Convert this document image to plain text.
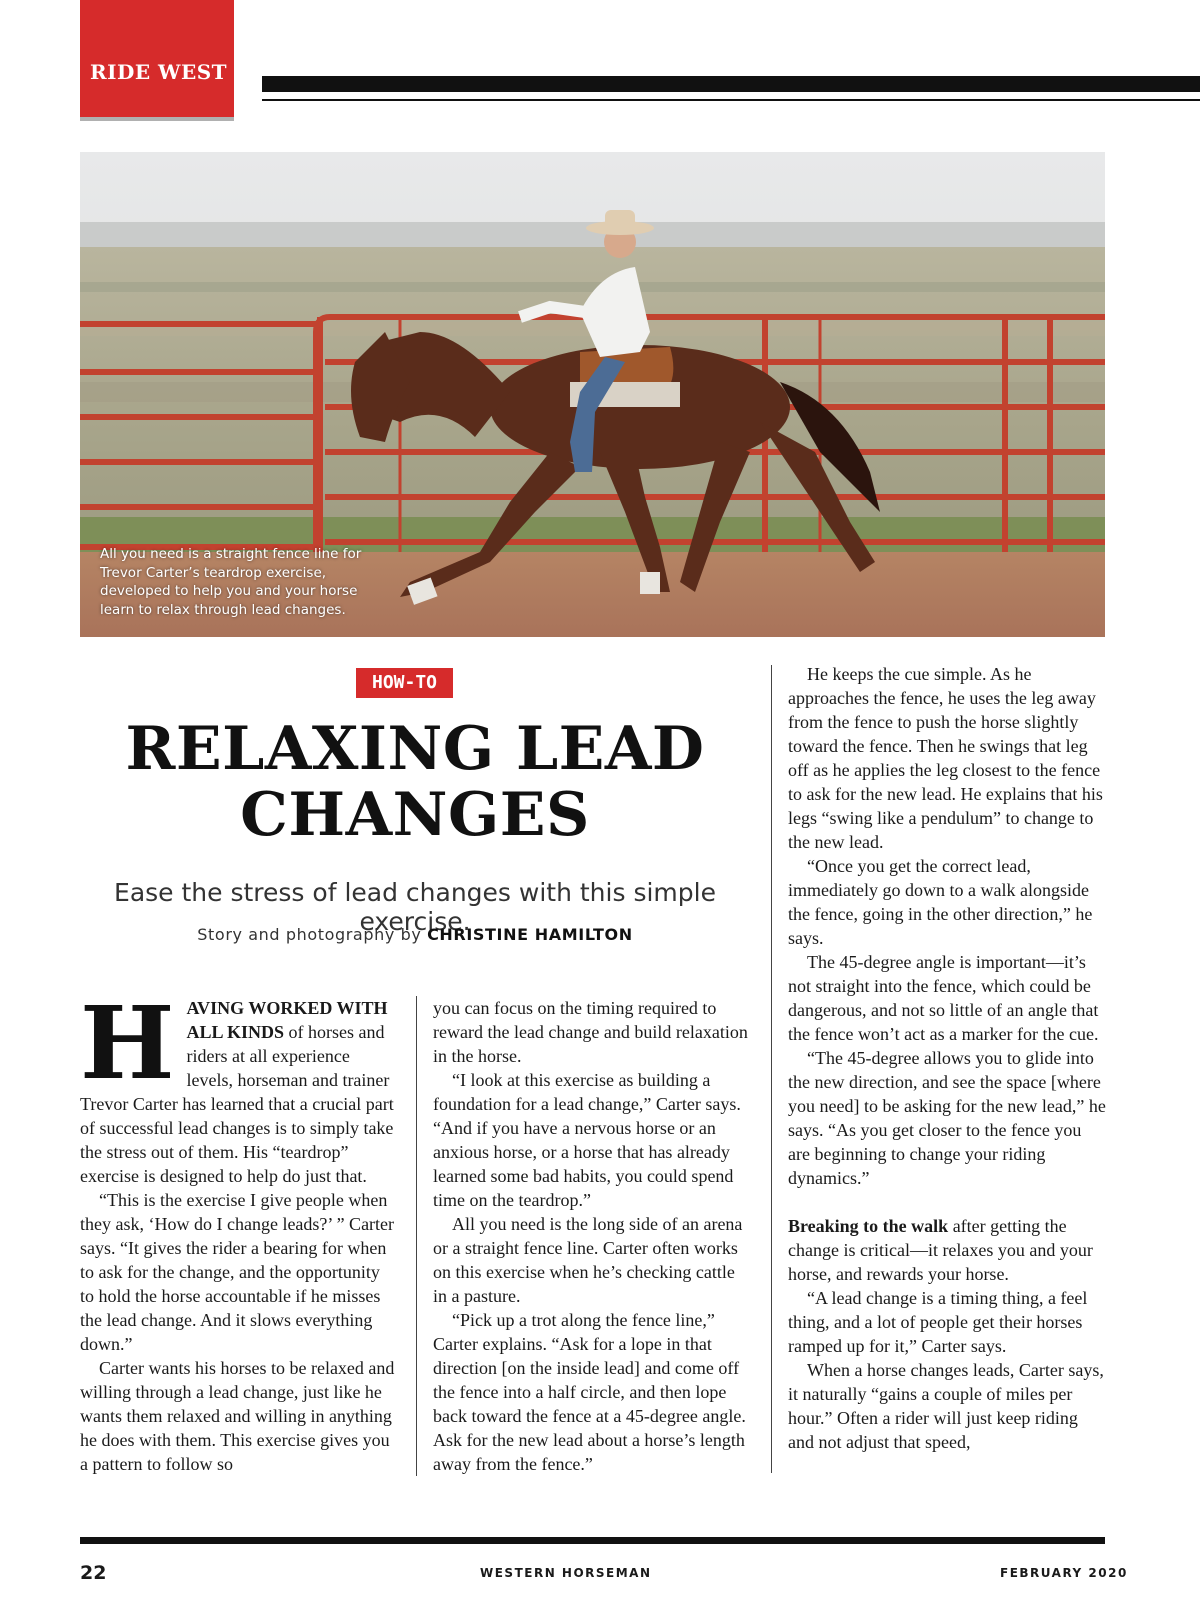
RIDE WEST
All you need is a straight fence line for Trevor Carter’s teardrop exercise, developed to help you and your horse learn to relax through lead changes.
HOW-TO
RELAXING LEAD
CHANGES
Ease the stress of lead changes with this simple exercise.
Story and photography by CHRISTINE HAMILTON

HAVING WORKED WITH ALL KINDS of horses and riders at all experience levels, horseman and trainer Trevor Carter has learned that a crucial part of successful lead changes is to simply take the stress out of them. His “teardrop” exercise is designed to help do just that.

“This is the exercise I give people when they ask, ‘How do I change leads?’ ” Carter says. “It gives the rider a bearing for when to ask for the change, and the opportunity to hold the horse accountable if he misses the lead change. And it slows everything down.”

Carter wants his horses to be relaxed and willing through a lead change, just like he wants them relaxed and willing in anything he does with them. This exercise gives you a pattern to follow so

you can focus on the timing required to reward the lead change and build relaxation in the horse.

“I look at this exercise as building a foundation for a lead change,” Carter says. “And if you have a nervous horse or an anxious horse, or a horse that has already learned some bad habits, you could spend time on the teardrop.”

All you need is the long side of an arena or a straight fence line. Carter often works on this exercise when he’s checking cattle in a pasture.

“Pick up a trot along the fence line,” Carter explains. “Ask for a lope in that direction [on the inside lead] and come off the fence into a half circle, and then lope back toward the fence at a 45-degree angle. Ask for the new lead about a horse’s length away from the fence.”

He keeps the cue simple. As he approaches the fence, he uses the leg away from the fence to push the horse slightly toward the fence. Then he swings that leg off as he applies the leg closest to the fence to ask for the new lead. He explains that his legs “swing like a pendulum” to change to the new lead.

“Once you get the correct lead, immediately go down to a walk alongside the fence, going in the other direction,” he says.

The 45-degree angle is important—it’s not straight into the fence, which could be dangerous, and not so little of an angle that the fence won’t act as a marker for the cue.

“The 45-degree allows you to glide into the new direction, and see the space [where you need] to be asking for the new lead,” he says. “As you get closer to the fence you are beginning to change your riding dynamics.”

Breaking to the walk after getting the change is critical—it relaxes you and your horse, and rewards your horse.

“A lead change is a timing thing, a feel thing, and a lot of people get their horses ramped up for it,” Carter says.

When a horse changes leads, Carter says, it naturally “gains a couple of miles per hour.” Often a rider will just keep riding and not adjust that speed,

22	WESTERN HORSEMAN	FEBRUARY 2020
